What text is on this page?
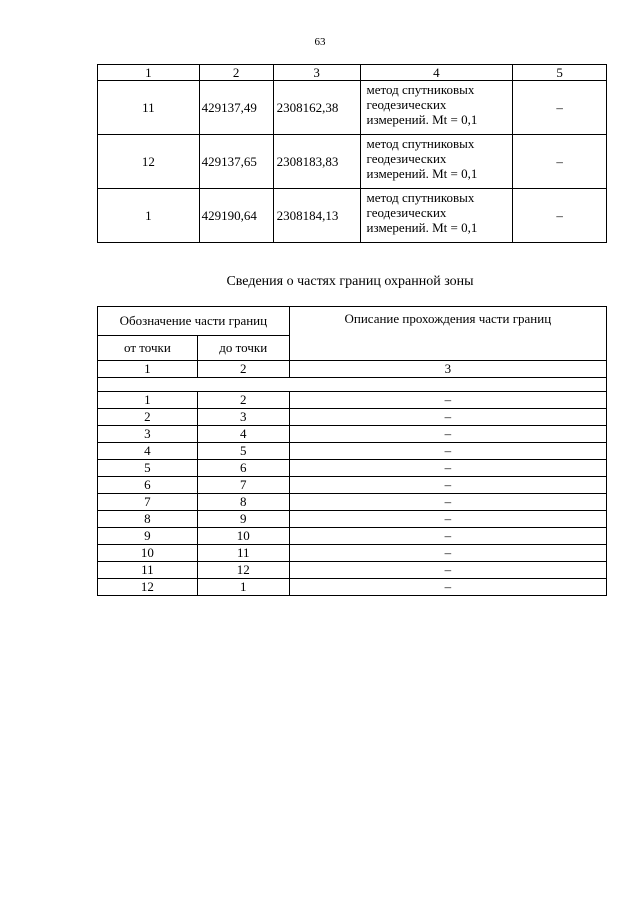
63
1	2	3	4	5
11	429137,49	2308162,38	метод спутниковых
геодезических
измерений. Mt = 0,1	–
12	429137,65	2308183,83	метод спутниковых
геодезических
измерений. Mt = 0,1	–
1	429190,64	2308184,13	метод спутниковых
геодезических
измерений. Mt = 0,1	–
Сведения о частях границ охранной зоны
Обозначение части границ		Описание прохождения части границ
от точки	до точки	
1	2	3

1	2	–
2	3	–
3	4	–
4	5	–
5	6	–
6	7	–
7	8	–
8	9	–
9	10	–
10	11	–
11	12	–
12	1	–
